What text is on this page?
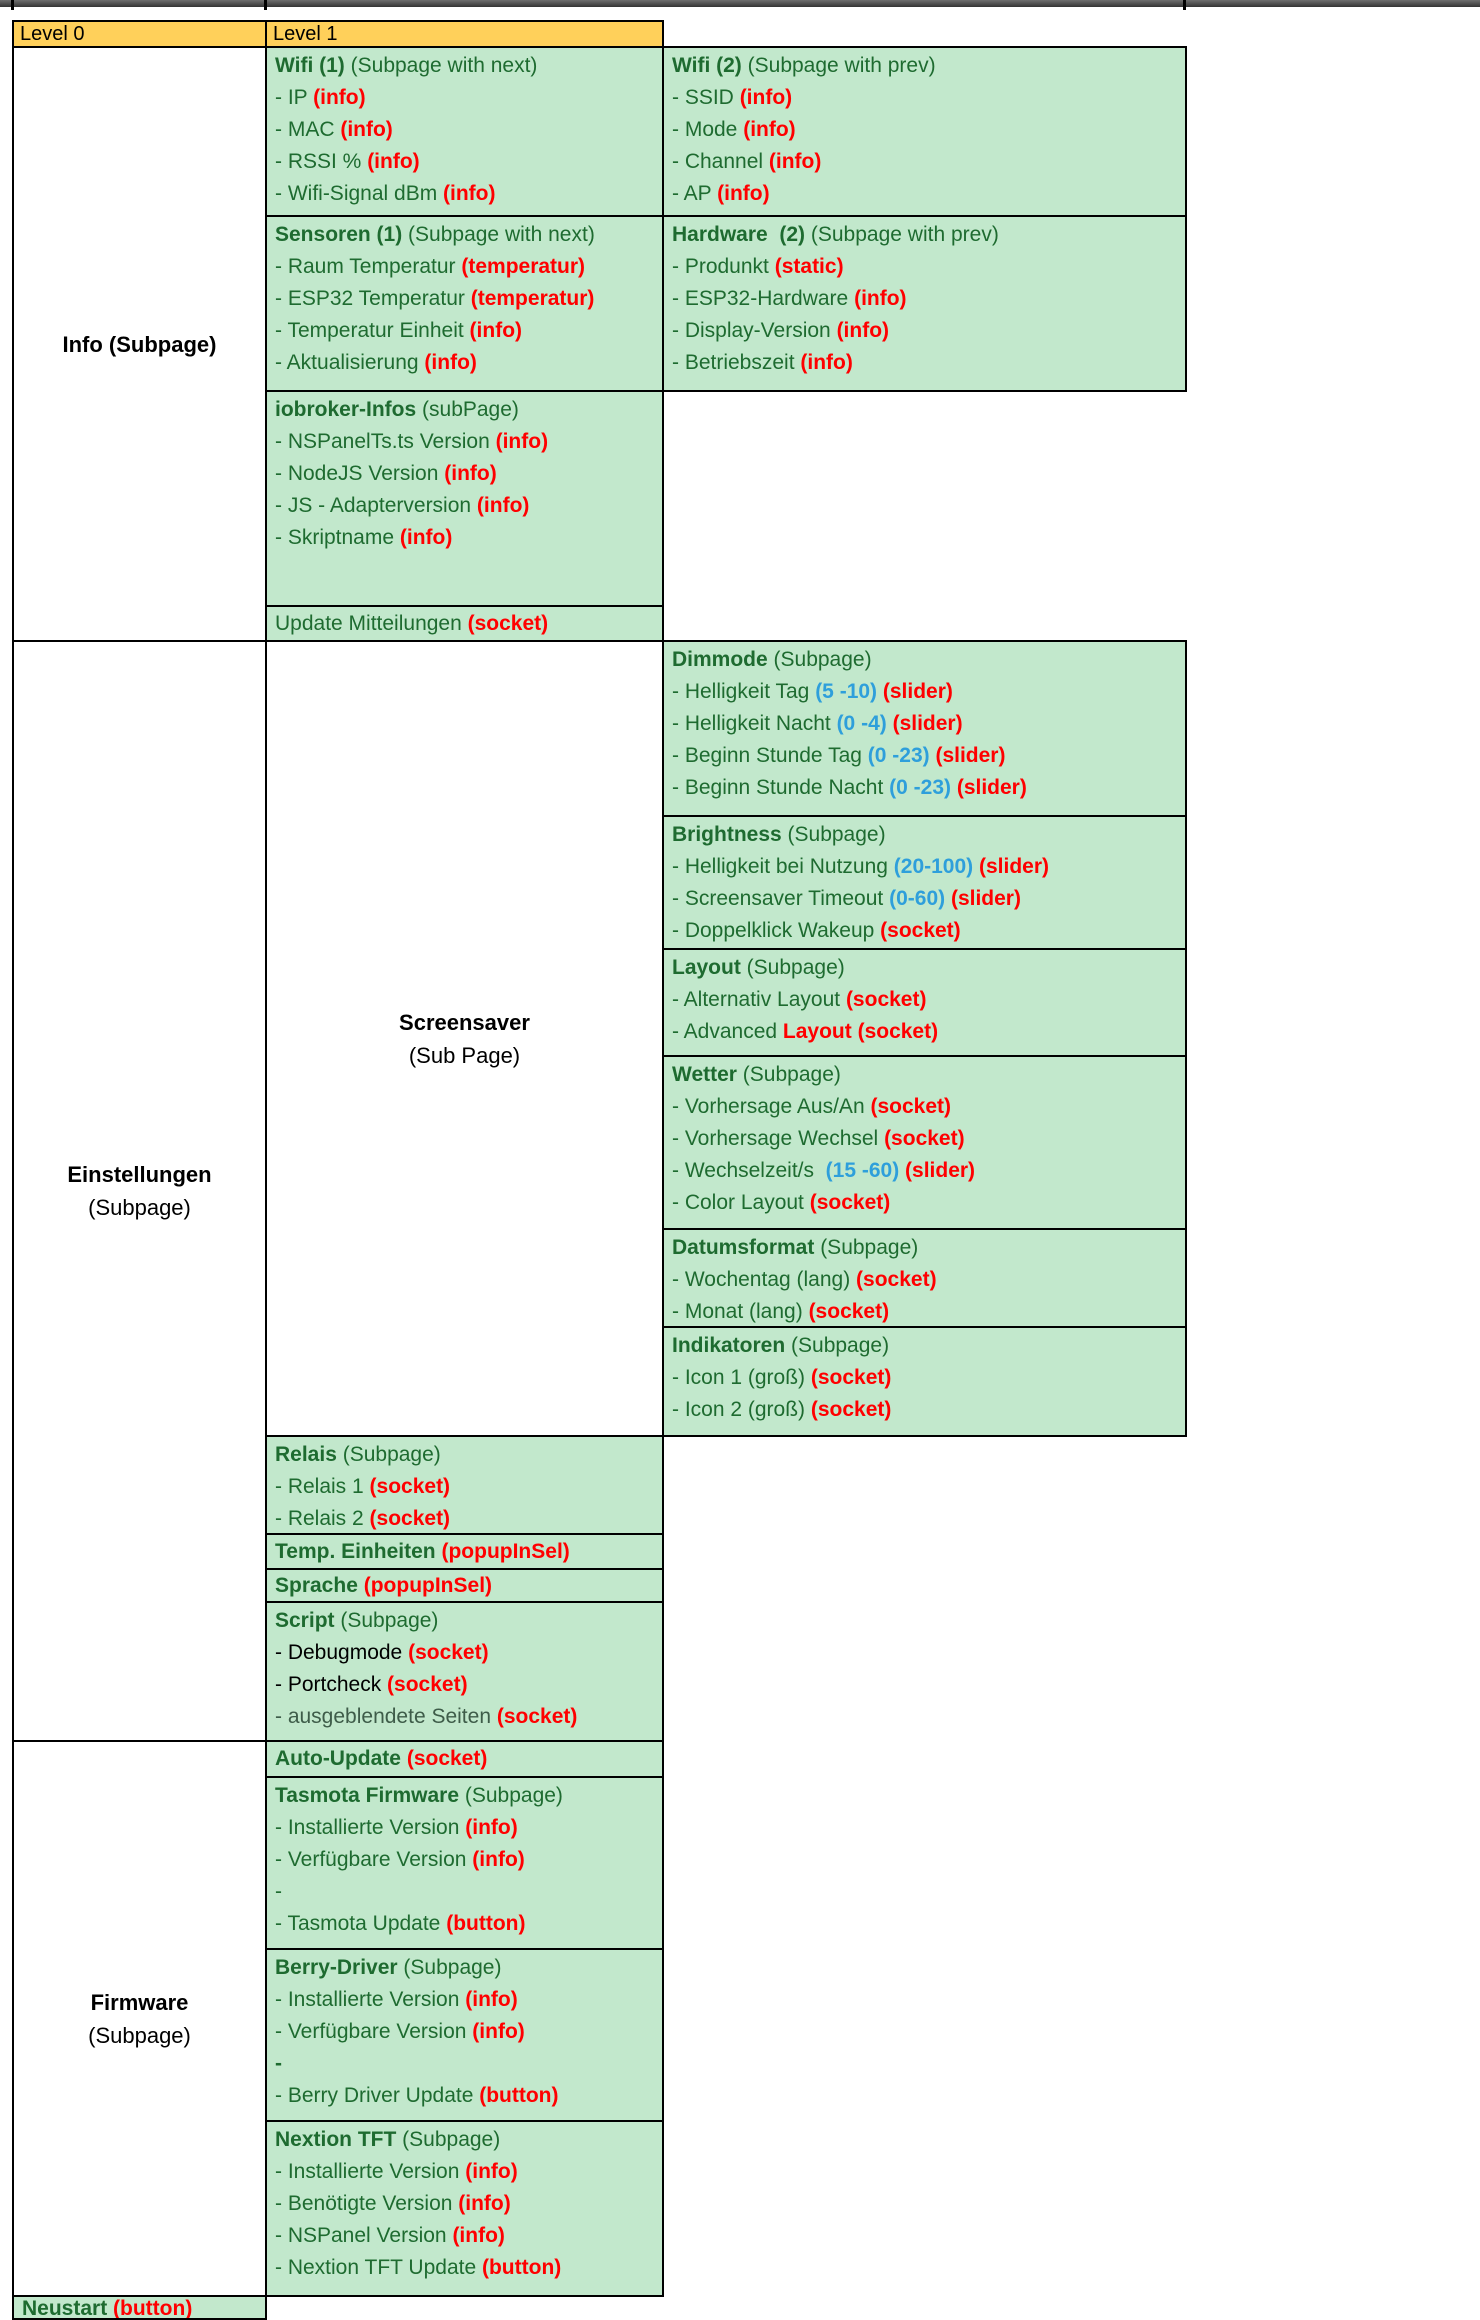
Level 0	Level 1
Info (Subpage)
Einstellungen
(Subpage)
Screensaver
(Sub Page)
Firmware
(Subpage)
Wifi (1) (Subpage with next)
- IP (info)
- MAC (info)
- RSSI % (info)
- Wifi-Signal dBm (info)
Wifi (2) (Subpage with prev)
- SSID (info)
- Mode (info)
- Channel (info)
- AP (info)
Sensoren (1) (Subpage with next)
- Raum Temperatur (temperatur)
- ESP32 Temperatur (temperatur)
- Temperatur Einheit (info)
- Aktualisierung (info)
Hardware  (2) (Subpage with prev)
- Produnkt (static)
- ESP32-Hardware (info)
- Display-Version (info)
- Betriebszeit (info)
iobroker-Infos (subPage)
- NSPanelTs.ts Version (info)
- NodeJS Version (info)
- JS - Adapterversion (info)
- Skriptname (info)
Update Mitteilungen (socket)
Dimmode (Subpage)
- Helligkeit Tag (5 -10) (slider)
- Helligkeit Nacht (0 -4) (slider)
- Beginn Stunde Tag (0 -23) (slider)
- Beginn Stunde Nacht (0 -23) (slider)
Brightness (Subpage)
- Helligkeit bei Nutzung (20-100) (slider)
- Screensaver Timeout (0-60) (slider)
- Doppelklick Wakeup (socket)
Layout (Subpage)
- Alternativ Layout (socket)
- Advanced Layout (socket)
Wetter (Subpage)
- Vorhersage Aus/An (socket)
- Vorhersage Wechsel (socket)
- Wechselzeit/s  (15 -60) (slider)
- Color Layout (socket)
Datumsformat (Subpage)
- Wochentag (lang) (socket)
- Monat (lang) (socket)
Indikatoren (Subpage)
- Icon 1 (groß) (socket)
- Icon 2 (groß) (socket)
Relais (Subpage)
- Relais 1 (socket)
- Relais 2 (socket)
Temp. Einheiten (popupInSel)
Sprache (popupInSel)
Script (Subpage)
- Debugmode (socket)
- Portcheck (socket)
- ausgeblendete Seiten (socket)
Auto-Update (socket)
Tasmota Firmware (Subpage)
- Installierte Version (info)
- Verfügbare Version (info)
-
- Tasmota Update (button)
Berry-Driver (Subpage)
- Installierte Version (info)
- Verfügbare Version (info)
-
- Berry Driver Update (button)
Nextion TFT (Subpage)
- Installierte Version (info)
- Benötigte Version (info)
- NSPanel Version (info)
- Nextion TFT Update (button)
Neustart (button)
